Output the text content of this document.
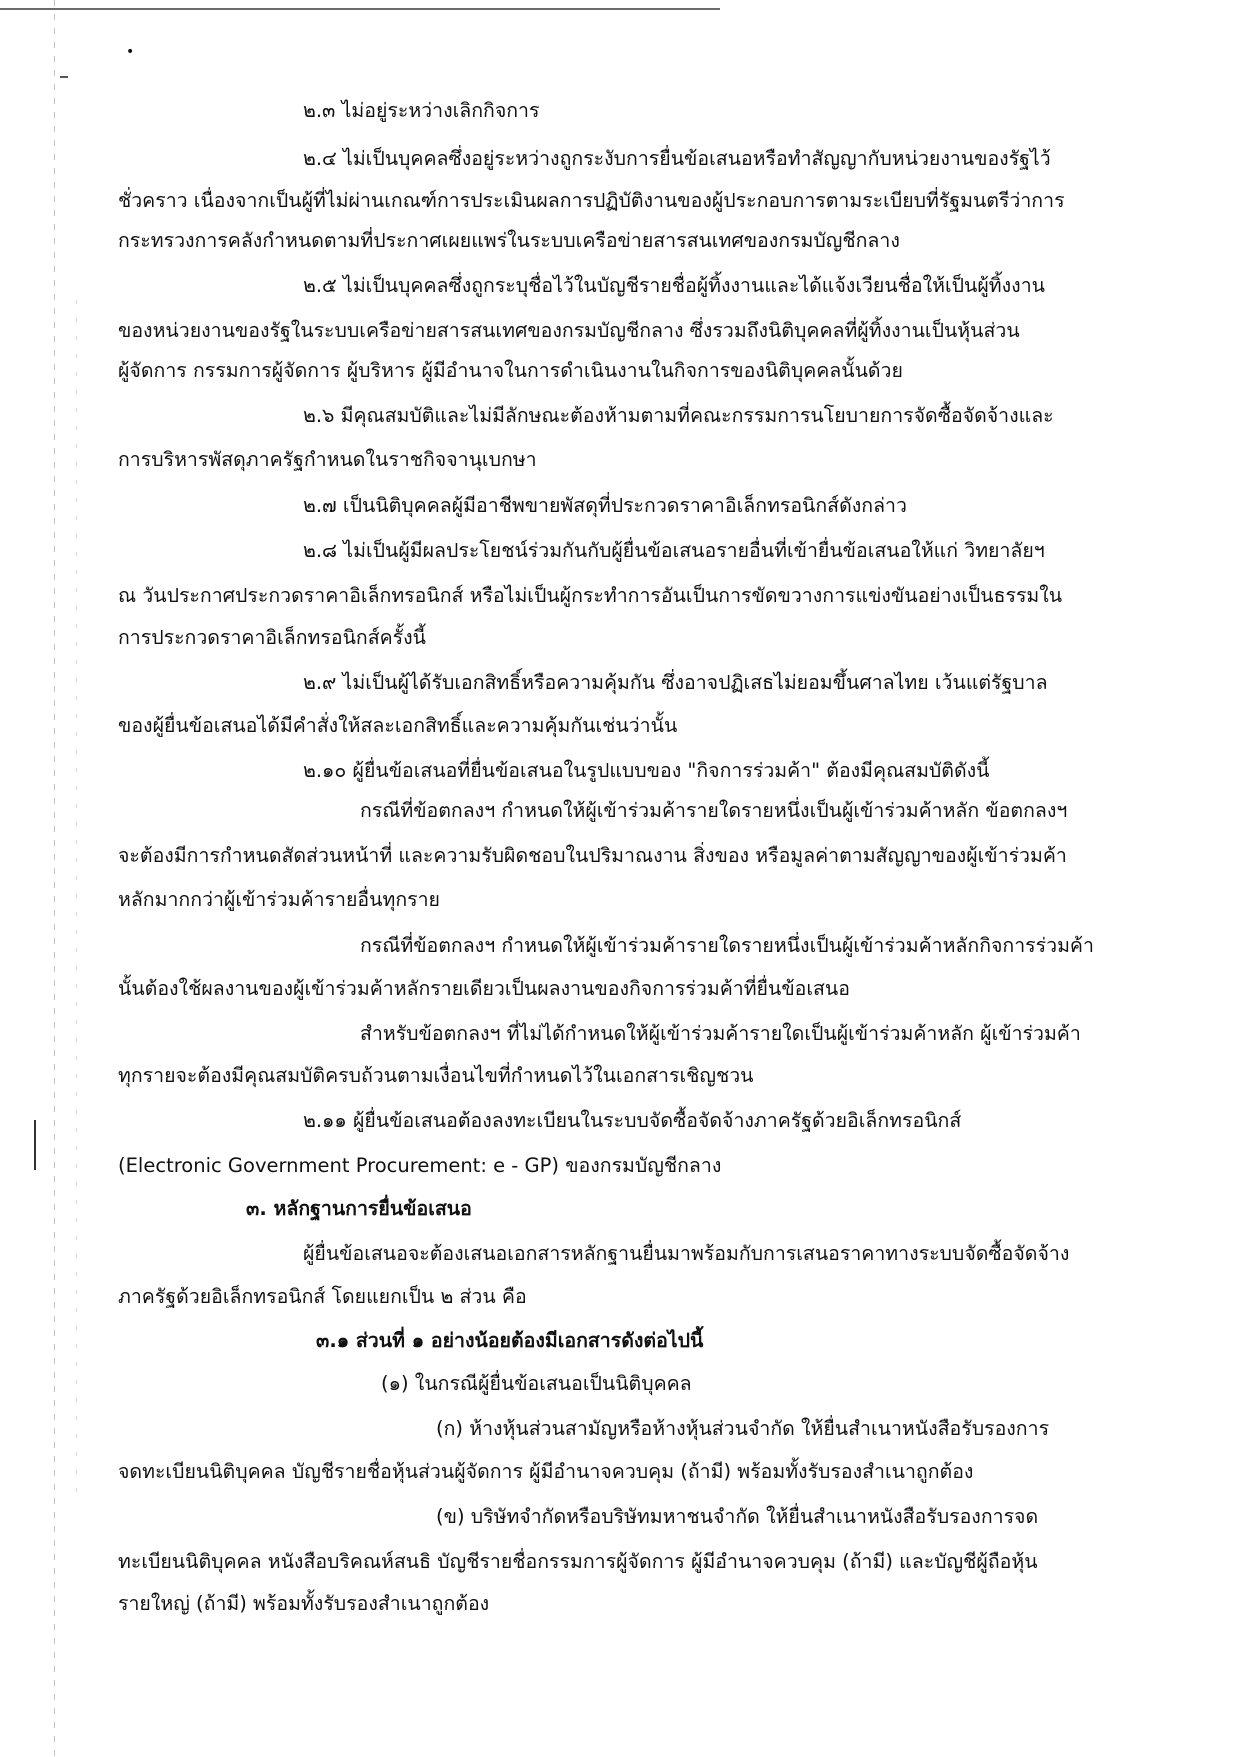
•

๒.๓ ไม่อยู่ระหว่างเลิกกิจการ

๒.๔ ไม่เป็นบุคคลซึ่งอยู่ระหว่างถูกระงับการยื่นข้อเสนอหรือทำสัญญากับหน่วยงานของรัฐไว้

ชั่วคราว เนื่องจากเป็นผู้ที่ไม่ผ่านเกณฑ์การประเมินผลการปฏิบัติงานของผู้ประกอบการตามระเบียบที่รัฐมนตรีว่าการ

กระทรวงการคลังกำหนดตามที่ประกาศเผยแพร่ในระบบเครือข่ายสารสนเทศของกรมบัญชีกลาง

๒.๕ ไม่เป็นบุคคลซึ่งถูกระบุชื่อไว้ในบัญชีรายชื่อผู้ทิ้งงานและได้แจ้งเวียนชื่อให้เป็นผู้ทิ้งงาน

ของหน่วยงานของรัฐในระบบเครือข่ายสารสนเทศของกรมบัญชีกลาง ซึ่งรวมถึงนิติบุคคลที่ผู้ทิ้งงานเป็นหุ้นส่วน

ผู้จัดการ กรรมการผู้จัดการ ผู้บริหาร ผู้มีอำนาจในการดำเนินงานในกิจการของนิติบุคคลนั้นด้วย

๒.๖ มีคุณสมบัติและไม่มีลักษณะต้องห้ามตามที่คณะกรรมการนโยบายการจัดซื้อจัดจ้างและ

การบริหารพัสดุภาครัฐกำหนดในราชกิจจานุเบกษา

๒.๗ เป็นนิติบุคคลผู้มีอาชีพขายพัสดุที่ประกวดราคาอิเล็กทรอนิกส์ดังกล่าว

๒.๘ ไม่เป็นผู้มีผลประโยชน์ร่วมกันกับผู้ยื่นข้อเสนอรายอื่นที่เข้ายื่นข้อเสนอให้แก่ วิทยาลัยฯ

ณ วันประกาศประกวดราคาอิเล็กทรอนิกส์ หรือไม่เป็นผู้กระทำการอันเป็นการขัดขวางการแข่งขันอย่างเป็นธรรมใน

การประกวดราคาอิเล็กทรอนิกส์ครั้งนี้

๒.๙ ไม่เป็นผู้ได้รับเอกสิทธิ์หรือความคุ้มกัน ซึ่งอาจปฏิเสธไม่ยอมขึ้นศาลไทย เว้นแต่รัฐบาล

ของผู้ยื่นข้อเสนอได้มีคำสั่งให้สละเอกสิทธิ์และความคุ้มกันเช่นว่านั้น

๒.๑๐ ผู้ยื่นข้อเสนอที่ยื่นข้อเสนอในรูปแบบของ "กิจการร่วมค้า" ต้องมีคุณสมบัติดังนี้

กรณีที่ข้อตกลงฯ กำหนดให้ผู้เข้าร่วมค้ารายใดรายหนึ่งเป็นผู้เข้าร่วมค้าหลัก ข้อตกลงฯ

จะต้องมีการกำหนดสัดส่วนหน้าที่ และความรับผิดชอบในปริมาณงาน สิ่งของ หรือมูลค่าตามสัญญาของผู้เข้าร่วมค้า

หลักมากกว่าผู้เข้าร่วมค้ารายอื่นทุกราย

กรณีที่ข้อตกลงฯ กำหนดให้ผู้เข้าร่วมค้ารายใดรายหนึ่งเป็นผู้เข้าร่วมค้าหลักกิจการร่วมค้า

นั้นต้องใช้ผลงานของผู้เข้าร่วมค้าหลักรายเดียวเป็นผลงานของกิจการร่วมค้าที่ยื่นข้อเสนอ

สำหรับข้อตกลงฯ ที่ไม่ได้กำหนดให้ผู้เข้าร่วมค้ารายใดเป็นผู้เข้าร่วมค้าหลัก ผู้เข้าร่วมค้า

ทุกรายจะต้องมีคุณสมบัติครบถ้วนตามเงื่อนไขที่กำหนดไว้ในเอกสารเชิญชวน

๒.๑๑ ผู้ยื่นข้อเสนอต้องลงทะเบียนในระบบจัดซื้อจัดจ้างภาครัฐด้วยอิเล็กทรอนิกส์

(Electronic Government Procurement: e - GP) ของกรมบัญชีกลาง

๓. หลักฐานการยื่นข้อเสนอ

ผู้ยื่นข้อเสนอจะต้องเสนอเอกสารหลักฐานยื่นมาพร้อมกับการเสนอราคาทางระบบจัดซื้อจัดจ้าง

ภาครัฐด้วยอิเล็กทรอนิกส์ โดยแยกเป็น ๒ ส่วน คือ

๓.๑ ส่วนที่ ๑ อย่างน้อยต้องมีเอกสารดังต่อไปนี้

(๑) ในกรณีผู้ยื่นข้อเสนอเป็นนิติบุคคล

(ก) ห้างหุ้นส่วนสามัญหรือห้างหุ้นส่วนจำกัด ให้ยื่นสำเนาหนังสือรับรองการ

จดทะเบียนนิติบุคคล บัญชีรายชื่อหุ้นส่วนผู้จัดการ ผู้มีอำนาจควบคุม (ถ้ามี) พร้อมทั้งรับรองสำเนาถูกต้อง

(ข) บริษัทจำกัดหรือบริษัทมหาชนจำกัด ให้ยื่นสำเนาหนังสือรับรองการจด

ทะเบียนนิติบุคคล หนังสือบริคณห์สนธิ บัญชีรายชื่อกรรมการผู้จัดการ ผู้มีอำนาจควบคุม (ถ้ามี) และบัญชีผู้ถือหุ้น

รายใหญ่ (ถ้ามี) พร้อมทั้งรับรองสำเนาถูกต้อง
